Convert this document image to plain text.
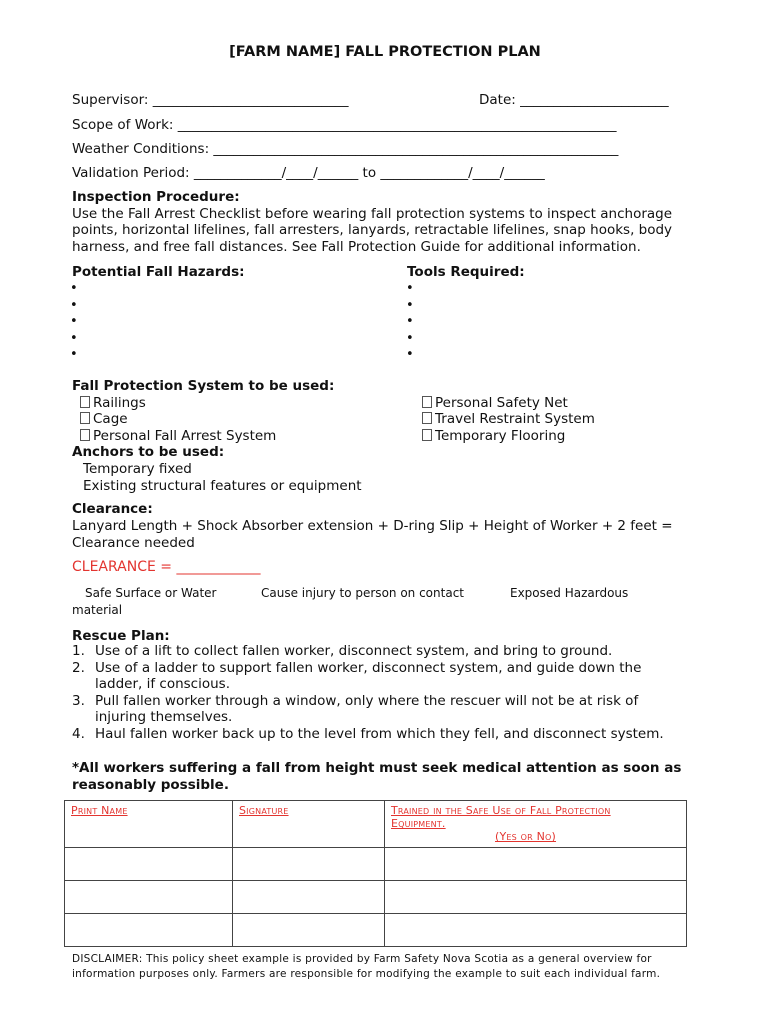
[FARM NAME] FALL PROTECTION PLAN
Supervisor: _____________________________	Date: ______________________
Scope of Work: _________________________________________________________________
Weather Conditions: ____________________________________________________________
Validation Period: _____________/____/______ to _____________/____/______
Inspection Procedure:
Use the Fall Arrest Checklist before wearing fall protection systems to inspect anchorage
points, horizontal lifelines, fall arresters, lanyards, retractable lifelines, snap hooks, body
harness, and free fall distances. See Fall Protection Guide for additional information.
Potential Fall Hazards:	Tools Required:
•
•
•
•
•
•
•
•
•
•
Fall Protection System to be used:
Railings
Cage
Personal Fall Arrest System
Personal Safety Net
Travel Restraint System
Temporary Flooring
Anchors to be used:
Temporary fixed
Existing structural features or equipment
Clearance:
Lanyard Length + Shock Absorber extension + D-ring Slip + Height of Worker + 2 feet =
Clearance needed
CLEARANCE = ____________
Safe Surface or Water	Cause injury to person on contact	Exposed Hazardous
material
Rescue Plan:
1. Use of a lift to collect fallen worker, disconnect system, and bring to ground.
2. Use of a ladder to support fallen worker, disconnect system, and guide down the
ladder, if conscious.
3. Pull fallen worker through a window, only where the rescuer will not be at risk of
injuring themselves.
4. Haul fallen worker back up to the level from which they fell, and disconnect system.
*All workers suffering a fall from height must seek medical attention as soon as
reasonably possible.
Print Name	Signature	Trained in the Safe Use of Fall Protection
Equipment.
(Yes or No)

DISCLAIMER: This policy sheet example is provided by Farm Safety Nova Scotia as a general overview for
information purposes only. Farmers are responsible for modifying the example to suit each individual farm.
